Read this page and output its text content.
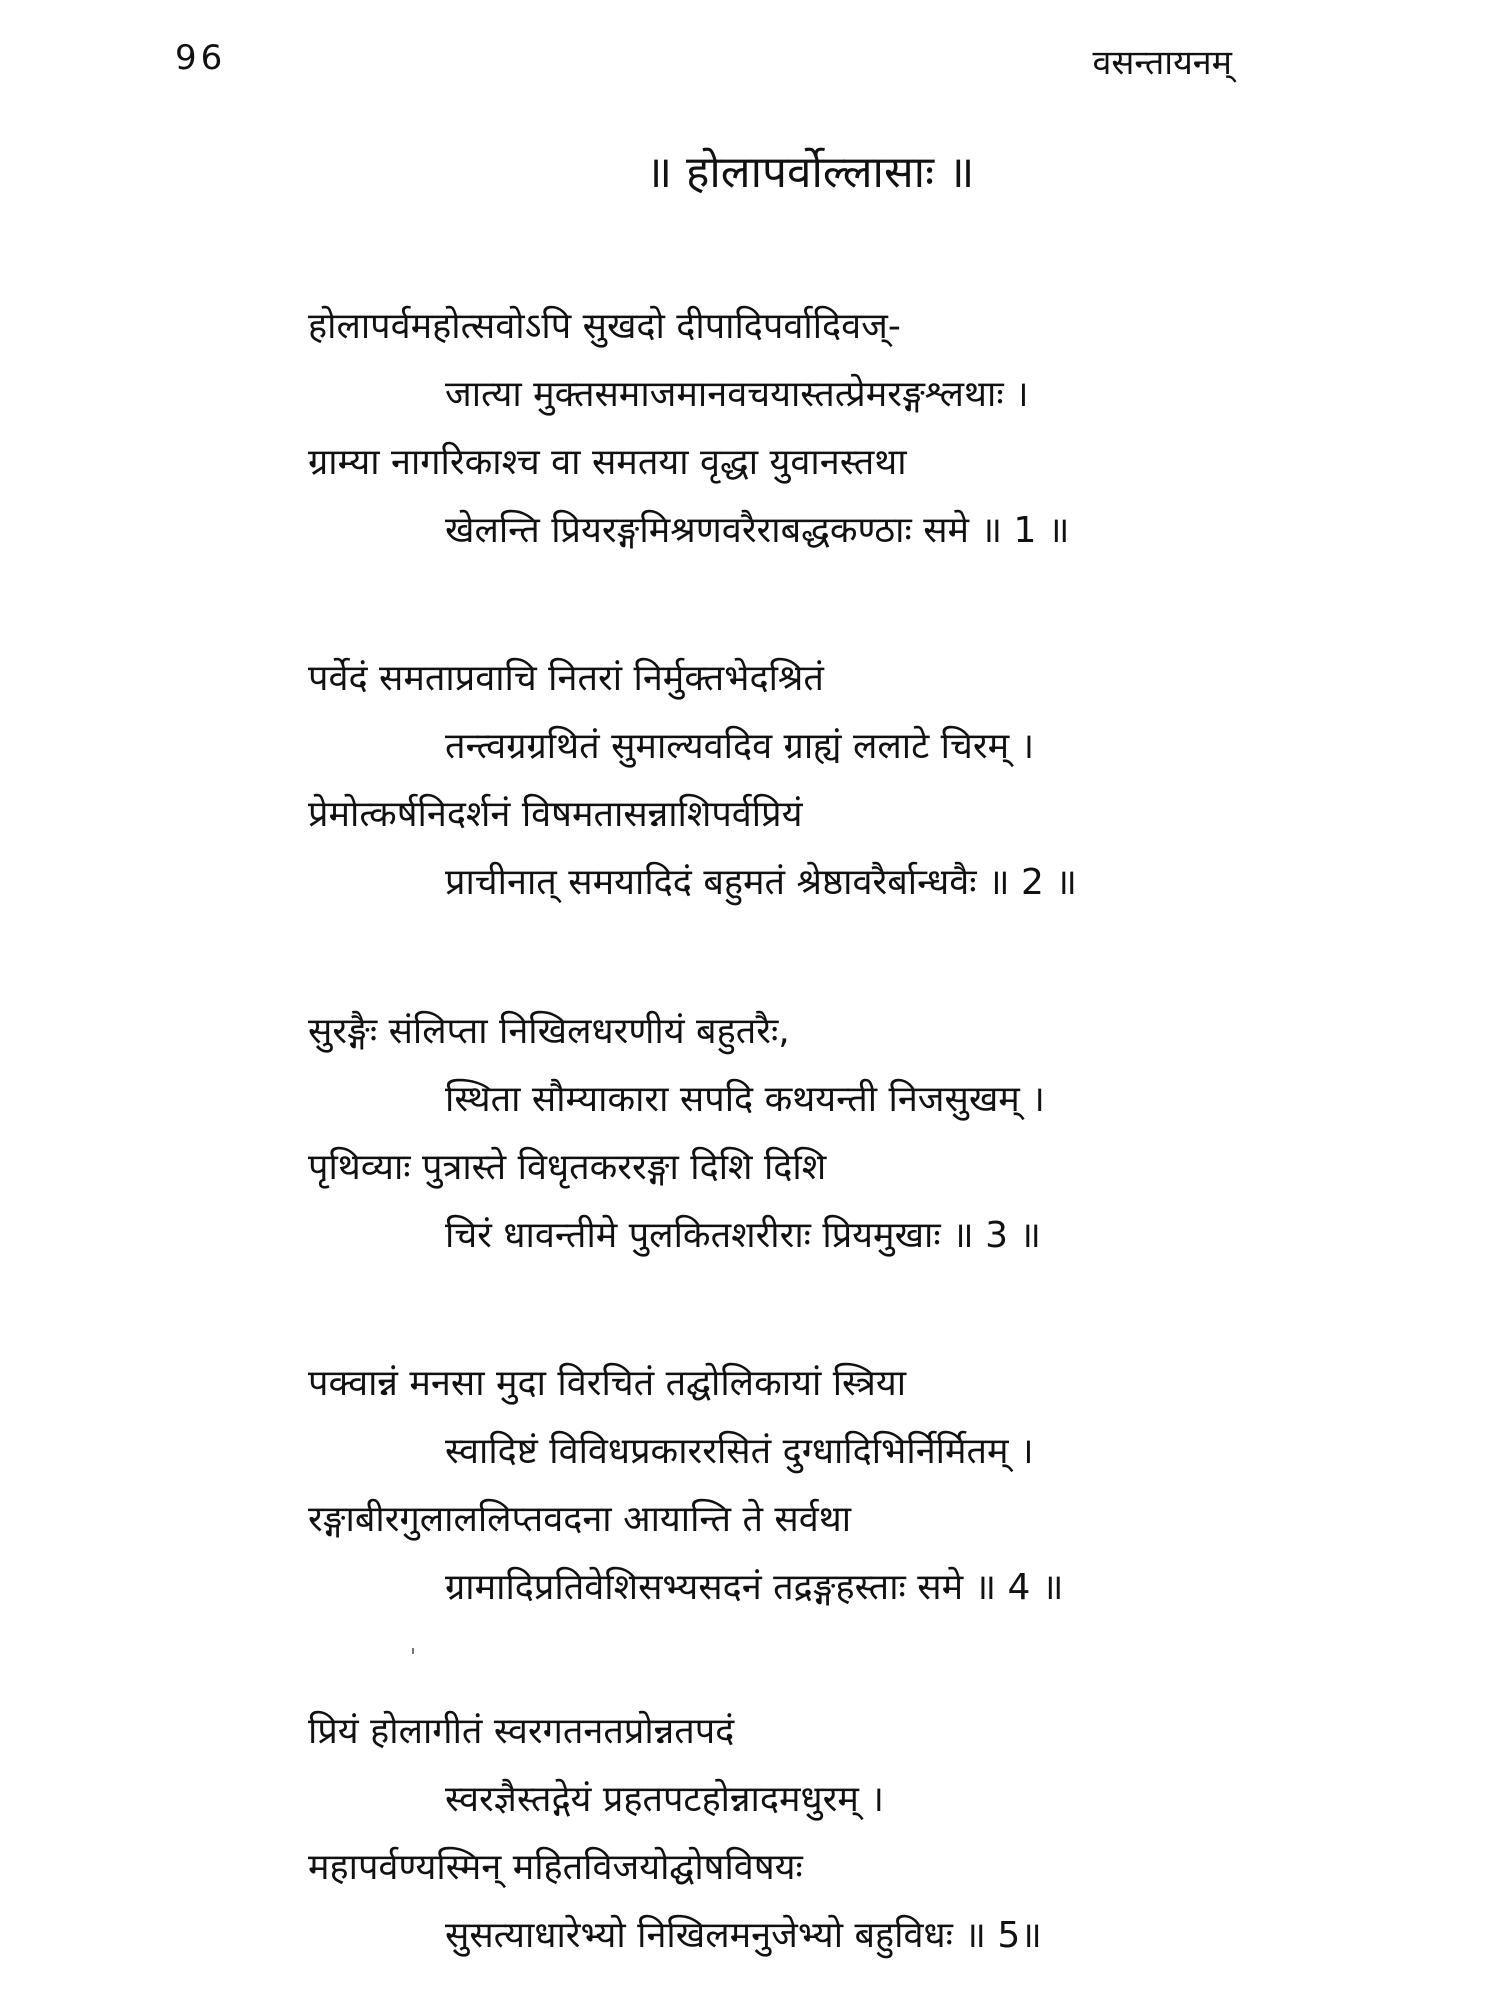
96	वसन्तायनम्
॥ होलापर्वोल्लासाः ॥
होलापर्वमहोत्सवोऽपि सुखदो दीपादिपर्वादिवज्-
जात्या मुक्तसमाजमानवचयास्तत्प्रेमरङ्गश्लथाः ।
ग्राम्या नागरिकाश्च वा समतया वृद्धा युवानस्तथा
खेलन्ति प्रियरङ्गमिश्रणवरैराबद्धकण्ठाः समे ॥ 1 ॥
पर्वेदं समताप्रवाचि नितरां निर्मुक्तभेदश्रितं
तन्त्वग्रग्रथितं सुमाल्यवदिव ग्राह्यं ललाटे चिरम् ।
प्रेमोत्कर्षनिदर्शनं विषमतासन्नाशिपर्वप्रियं
प्राचीनात् समयादिदं बहुमतं श्रेष्ठावरैर्बान्धवैः ॥ 2 ॥
सुरङ्गैः संलिप्ता निखिलधरणीयं बहुतरैः,
स्थिता सौम्याकारा सपदि कथयन्ती निजसुखम् ।
पृथिव्याः पुत्रास्ते विधृतकररङ्गा दिशि दिशि
चिरं धावन्तीमे पुलकितशरीराः प्रियमुखाः ॥ 3 ॥
पक्वान्नं मनसा मुदा विरचितं तद्घोलिकायां स्त्रिया
स्वादिष्टं विविधप्रकाररसितं दुग्धादिभिर्निर्मितम् ।
रङ्गाबीरगुलाललिप्तवदना आयान्ति ते सर्वथा
ग्रामादिप्रतिवेशिसभ्यसदनं तद्रङ्गहस्ताः समे ॥ 4 ॥
प्रियं होलागीतं स्वरगतनतप्रोन्नतपदं
स्वरज्ञैस्तद्गेयं प्रहतपटहोन्नादमधुरम् ।
महापर्वण्यस्मिन् महितविजयोद्घोषविषयः
सुसत्याधारेभ्यो निखिलमनुजेभ्यो बहुविधः ॥ 5॥
